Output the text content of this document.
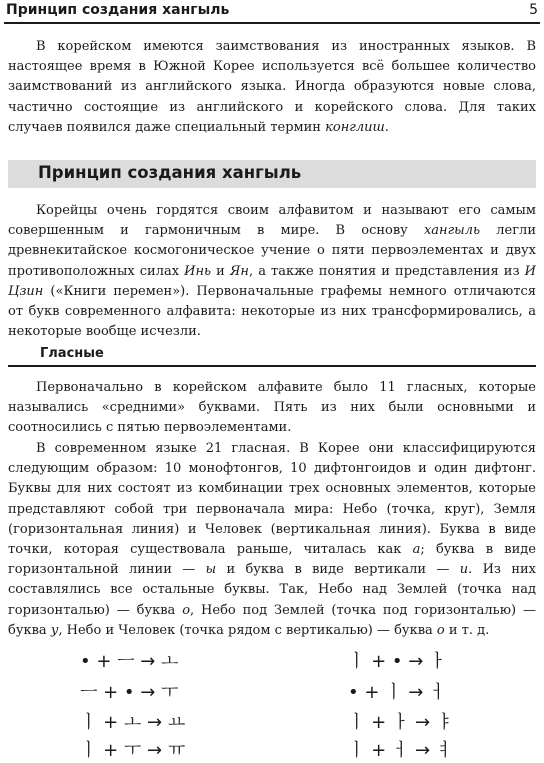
Принцип создания хангыль	5

В корейском имеются заимствования из иностранных языков. В настоящее время в Южной Корее используется всё большее количество заимствований из английского языка. Иногда образуются новые слова, частично состоящие из английского и корейского слова. Для таких случаев появился даже специальный термин конглиш.

Принцип создания хангыль

Корейцы очень гордятся своим алфавитом и называют его самым совершенным и гармоничным в мире. В основу хангыль легли древнекитайское космогоническое учение о пяти первоэлементах и двух противоположных силах Инь и Ян, а также понятия и представления из И Цзин («Книги перемен»). Первоначальные графемы немного отличаются от букв современного алфавита: некоторые из них трансформировались, а некоторые вообще исчезли.

Гласные

Первоначально в корейском алфавите было 11 гласных, которые назывались «средними» буквами. Пять из них были основными и соотносились с пятью первоэлементами.

В современном языке 21 гласная. В Корее они классифицируются следующим образом: 10 монофтонгов, 10 дифтонгоидов и один дифтонг. Буквы для них состоят из комбинации трех основных элементов, которые представляют собой три первоначала мира: Небо (точка, круг), Земля (горизонтальная линия) и Человек (вертикальная линия). Буква в виде точки, которая существовала раньше, читалась как а; буква в виде горизонтальной линии — ы и буква в виде вертикали — и. Из них составлялись все остальные буквы. Так, Небо над Землей (точка над горизонталью) — буква о, Небо под Землей (точка под горизонталью) — буква у, Небо и Человек (точка рядом с вертикалью) — буква о и т. д.

• + ㅡ → ㅗ
ㅡ + • → ㅜ
ㅣ + ㅗ → ㅛ
ㅣ + ㅜ → ㅠ
ㅣ + • → ㅏ
• + ㅣ → ㅓ
ㅣ + ㅏ → ㅑ
ㅣ + ㅓ → ㅕ
